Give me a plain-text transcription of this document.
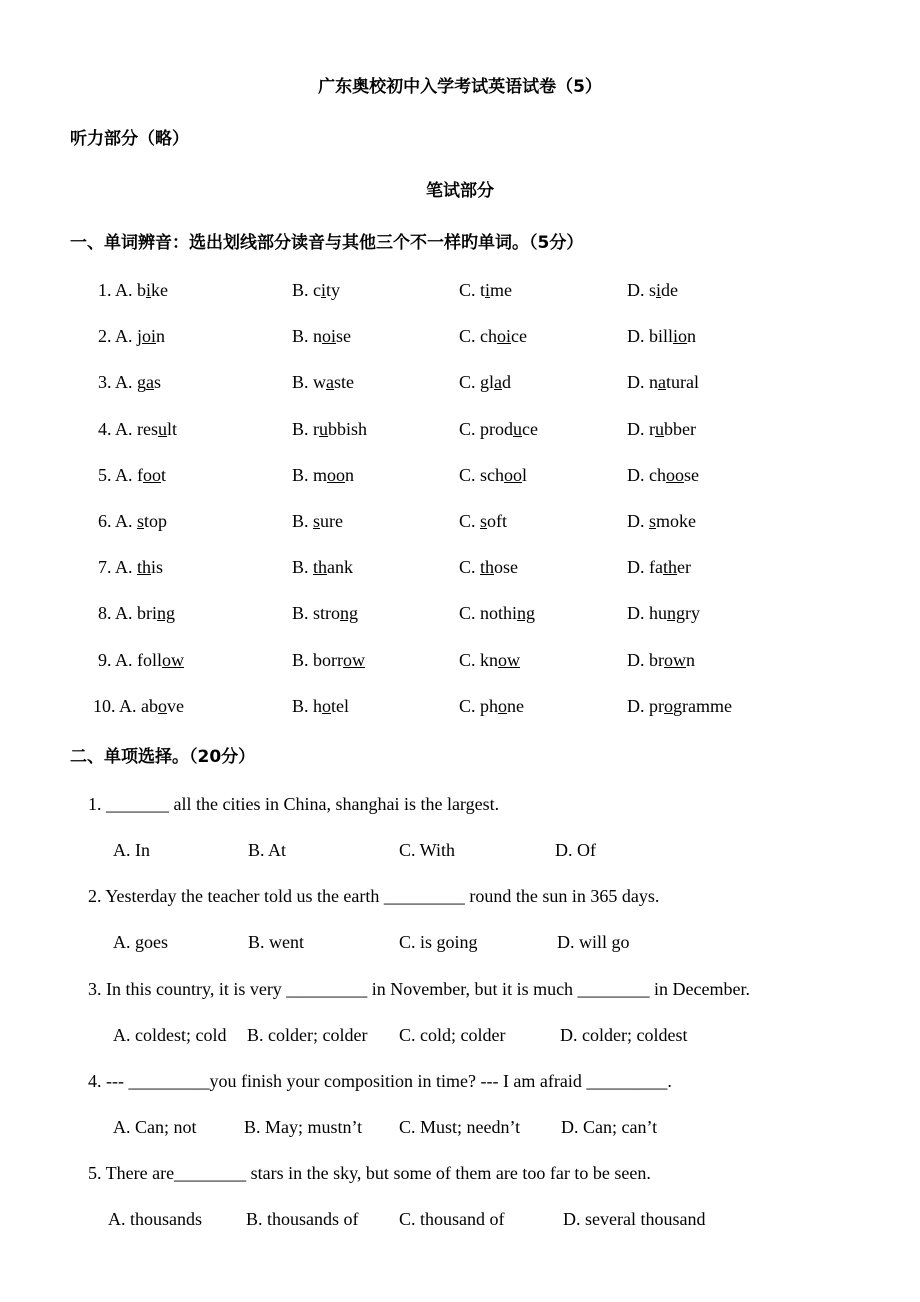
广东奥校初中入学考试英语试卷（5）
听力部分（略）
笔试部分
一、单词辨音：选出划线部分读音与其他三个不一样旳单词。（5分）
1. A. bike	B. city	C. time	D. side
2. A. join	B. noise	C. choice	D. billion
3. A. gas	B. waste	C. glad	D. natural
4. A. result	B. rubbish	C. produce	D. rubber
5. A. foot	B. moon	C. school	D. choose
6. A. stop	B. sure	C. soft	D. smoke
7. A. this	B. thank	C. those	D. father
8. A. bring	B. strong	C. nothing	D. hungry
9. A. follow	B. borrow	C. know	D. brown
10. A. above	B. hotel	C. phone	D. programme
二、单项选择。（20分）
1. _______ all the cities in China, shanghai is the largest.
A. In	B. At	C. With	D. Of
2. Yesterday the teacher told us the earth _________ round the sun in 365 days.
A. goes	B. went	C. is going	D. will go
3. In this country, it is very _________ in November, but it is much ________ in December.
A. coldest; cold B. colder; colder C. cold; colder	D. colder; coldest
4. --- _________you finish your composition in time? --- I am afraid _________.
A. Can; not	B. May; mustn’t C. Must; needn’t D. Can; can’t
5. There are________ stars in the sky, but some of them are too far to be seen.
A. thousands B. thousands of C. thousand of	D. several thousand
